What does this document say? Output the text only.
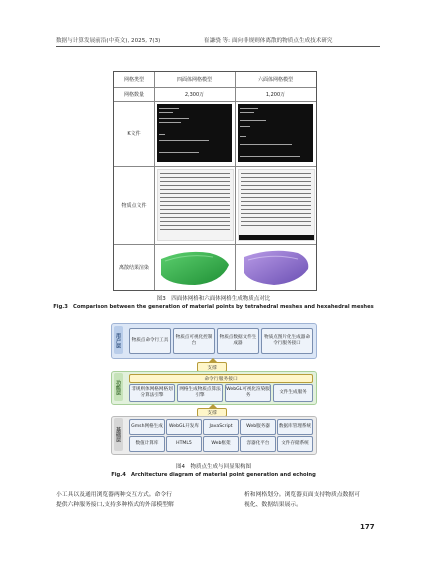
数据与计算发展前沿(中英文), 2025, 7(3)	崔謙骁 等: 面向非规则体离散的物质点生成技术研究
网格类型	四面体网格模型	六面体网格模型
网格数量	2,300万	1,200万
K文件
物质点文件
离散结果渲染
图3　四面体网格和六面体网格生成物质点对比
Fig.3　Comparison between the generation of material points by tetrahedral meshes and hexahedral meshes
用户层	物质点命令行工具
物质点可视化控制台
物质点数据文件生成器
物质点图片化生成器命令行服务接口
支撑
功能层	命令行服务接口
非规则体网格网格划分算法引擎
网格生成物质点算法引擎
WebGL可视化渲染服务
文件生成服务
支撑
基础层
Gmsh网格生成	WebGL开发库	JavaScript	Web服务器	数据库管理系统
数值计算库	HTML5	Web框架	容器化平台	文件存储系统
图4　物质点生成与回显架构图
Fig.4　Architecture diagram of material point generation and echoing
小工具以及通用浏览器两种交互方式。命令行
提供六种服务接口,支持多种格式的外部模型解
析和网格划分。浏览器页面支持物质点数据可
视化、数据结果展示。
177
